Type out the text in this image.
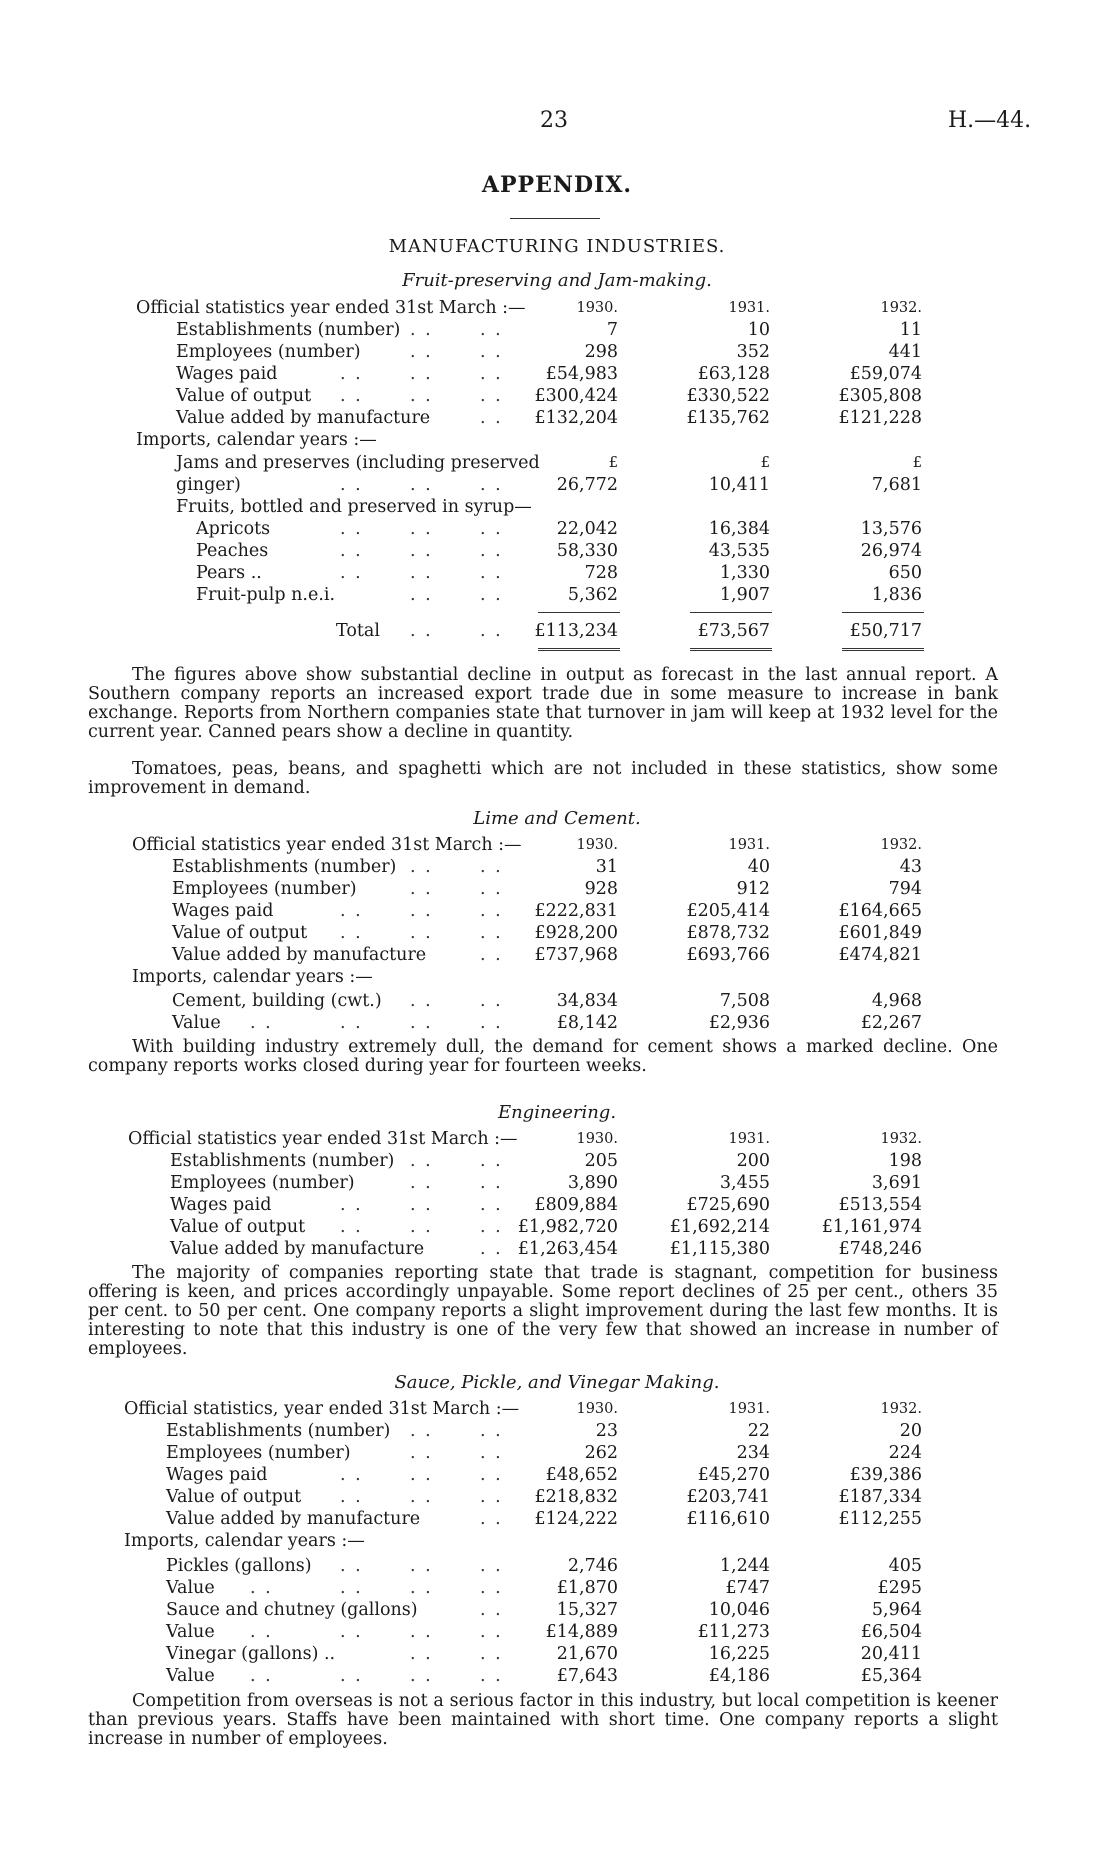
23	H.—44.
APPENDIX.
MANUFACTURING INDUSTRIES.
Fruit-preserving and Jam-making.
Official statistics year ended 31st March :—	1930.	1931.	1932.
Establishments (number) . .	. .	7	10	11
Employees (number)	. .	. .	298	352	441
Wages paid	. .	. .	. .	£54,983	£63,128	£59,074
Value of output . .	. .	. .	£300,424	£330,522	£305,808
Value added by manufacture	. .	£132,204	£135,762	£121,228
Imports, calendar years :—
Jams and preserves (including preserved	£	£	£
ginger)	. .	. .	. .	26,772	10,411	7,681
Fruits, bottled and preserved in syrup—
Apricots	. .	. .	. .	22,042	16,384	13,576
Peaches	. .	. .	. .	58,330	43,535	26,974
Pears ..	. .	. .	. .	728	1,330	650
Fruit-pulp n.e.i.	. .	. .	5,362	1,907	1,836
Total . .	. .	£113,234	£73,567	£50,717
The figures above show substantial decline in output as forecast in the last annual report. A Southern company reports an increased export trade due in some measure to increase in bank exchange. Reports from Northern companies state that turnover in jam will keep at 1932 level for the current year. Canned pears show a decline in quantity.
Tomatoes, peas, beans, and spaghetti which are not included in these statistics, show some improvement in demand.
Lime and Cement.
Official statistics year ended 31st March :—	1930.	1931.	1932.
Establishments (number) . .	. .	31	40	43
Employees (number)	. .	. .	928	912	794
Wages paid	. .	. .	. .	£222,831	£205,414	£164,665
Value of output . .	. .	. .	£928,200	£878,732	£601,849
Value added by manufacture	. .	£737,968	£693,766	£474,821
Imports, calendar years :—
Cement, building (cwt.) . .	. .	34,834	7,508	4,968
Value . .	. .	. .	. .	£8,142	£2,936	£2,267
With building industry extremely dull, the demand for cement shows a marked decline. One company reports works closed during year for fourteen weeks.
Engineering.
Official statistics year ended 31st March :—	1930.	1931.	1932.
Establishments (number) . .	. .	205	200	198
Employees (number)	. .	. .	3,890	3,455	3,691
Wages paid	. .	. .	. .	£809,884	£725,690	£513,554
Value of output . .	. .	. . £1,982,720	£1,692,214	£1,161,974
Value added by manufacture	. . £1,263,454	£1,115,380	£748,246
The majority of companies reporting state that trade is stagnant, competition for business offering is keen, and prices accordingly unpayable. Some report declines of 25 per cent., others 35 per cent. to 50 per cent. One company reports a slight improvement during the last few months. It is interesting to note that this industry is one of the very few that showed an increase in number of employees.
Sauce, Pickle, and Vinegar Making.
Official statistics, year ended 31st March :—	1930.	1931.	1932.
Establishments (number) . .	. .	23	22	20
Employees (number)	. .	. .	262	234	224
Wages paid	. .	. .	. .	£48,652	£45,270	£39,386
Value of output . .	. .	. .	£218,832	£203,741	£187,334
Value added by manufacture	. .	£124,222	£116,610	£112,255
Imports, calendar years :—
Pickles (gallons) . .	. .	. .	2,746	1,244	405
Value . .	. .	. .	. .	£1,870	£747	£295
Sauce and chutney (gallons)	. .	15,327	10,046	5,964
Value . .	. .	. .	. .	£14,889	£11,273	£6,504
Vinegar (gallons) ..	. .	. .	21,670	16,225	20,411
Value . .	. .	. .	. .	£7,643	£4,186	£5,364
Competition from overseas is not a serious factor in this industry, but local competition is keener than previous years. Staffs have been maintained with short time. One company reports a slight increase in number of employees.
